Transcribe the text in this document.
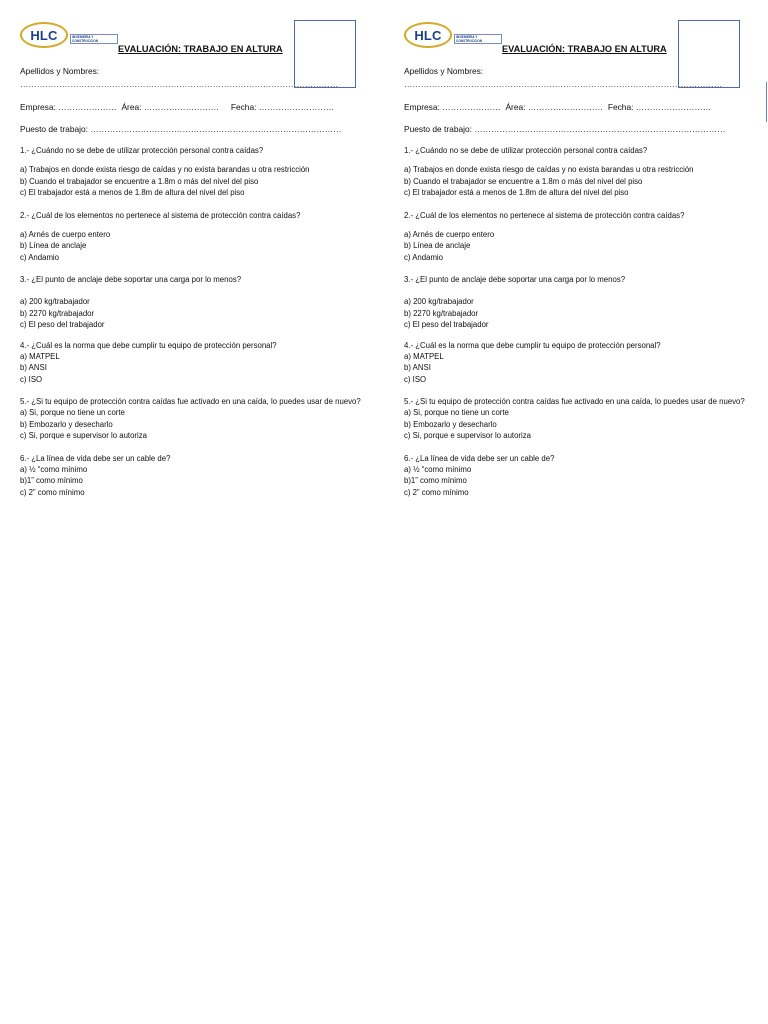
HLC	INGENIERIA Y CONSTRUCCION
EVALUACIÓN: TRABAJO EN ALTURA
Apellidos y Nombres:
……………………………………………………………………………………………………
Empresa: ………………… Área: ……………………… Fecha: ………………………
Puesto de trabajo: ………………………………………………………………………………

1.- ¿Cuándo no se debe de utilizar protección personal contra caídas?

a) Trabajos en donde exista riesgo de caídas y no exista barandas u otra restricción

b) Cuando el trabajador se encuentre a 1.8m o más del nivel del piso

c) El trabajador está a menos de 1.8m de altura del nivel del piso

2.- ¿Cuál de los elementos no pertenece al sistema de protección contra caídas?

a) Arnés de cuerpo entero

b) Línea de anclaje

c) Andamio

3.- ¿El punto de anclaje debe soportar una carga por lo menos?

a) 200 kg/trabajador

b) 2270 kg/trabajador

c) El peso del trabajador

4.- ¿Cuál es la norma que debe cumplir tu equipo de protección personal?

a) MATPEL

b) ANSI

c) ISO

5.- ¿Si tu equipo de protección contra caídas fue activado en una caída, lo puedes usar de nuevo?

a) Si, porque no tiene un corte

b) Embozarlo y desecharlo

c) Si, porque e supervisor lo autoriza

6.- ¿La línea de vida debe ser un cable de?

a) ½ “como mínimo

b)1” como mínimo

c) 2” como mínimo

HLC	INGENIERIA Y CONSTRUCCION
EVALUACIÓN: TRABAJO EN ALTURA
Apellidos y Nombres:
……………………………………………………………………………………………………
Empresa: ………………… Área: ……………………… Fecha: ………………………
Puesto de trabajo: ………………………………………………………………………………

1.- ¿Cuándo no se debe de utilizar protección personal contra caídas?

a) Trabajos en donde exista riesgo de caídas y no exista barandas u otra restricción

b) Cuando el trabajador se encuentre a 1.8m o más del nivel del piso

c) El trabajador está a menos de 1.8m de altura del nivel del piso

2.- ¿Cuál de los elementos no pertenece al sistema de protección contra caídas?

a) Arnés de cuerpo entero

b) Línea de anclaje

c) Andamio

3.- ¿El punto de anclaje debe soportar una carga por lo menos?

a) 200 kg/trabajador

b) 2270 kg/trabajador

c) El peso del trabajador

4.- ¿Cuál es la norma que debe cumplir tu equipo de protección personal?

a) MATPEL

b) ANSI

c) ISO

5.- ¿Si tu equipo de protección contra caídas fue activado en una caída, lo puedes usar de nuevo?

a) Si, porque no tiene un corte

b) Embozarlo y desecharlo

c) Si, porque e supervisor lo autoriza

6.- ¿La línea de vida debe ser un cable de?

a) ½ “como mínimo

b)1” como mínimo

c) 2” como mínimo
